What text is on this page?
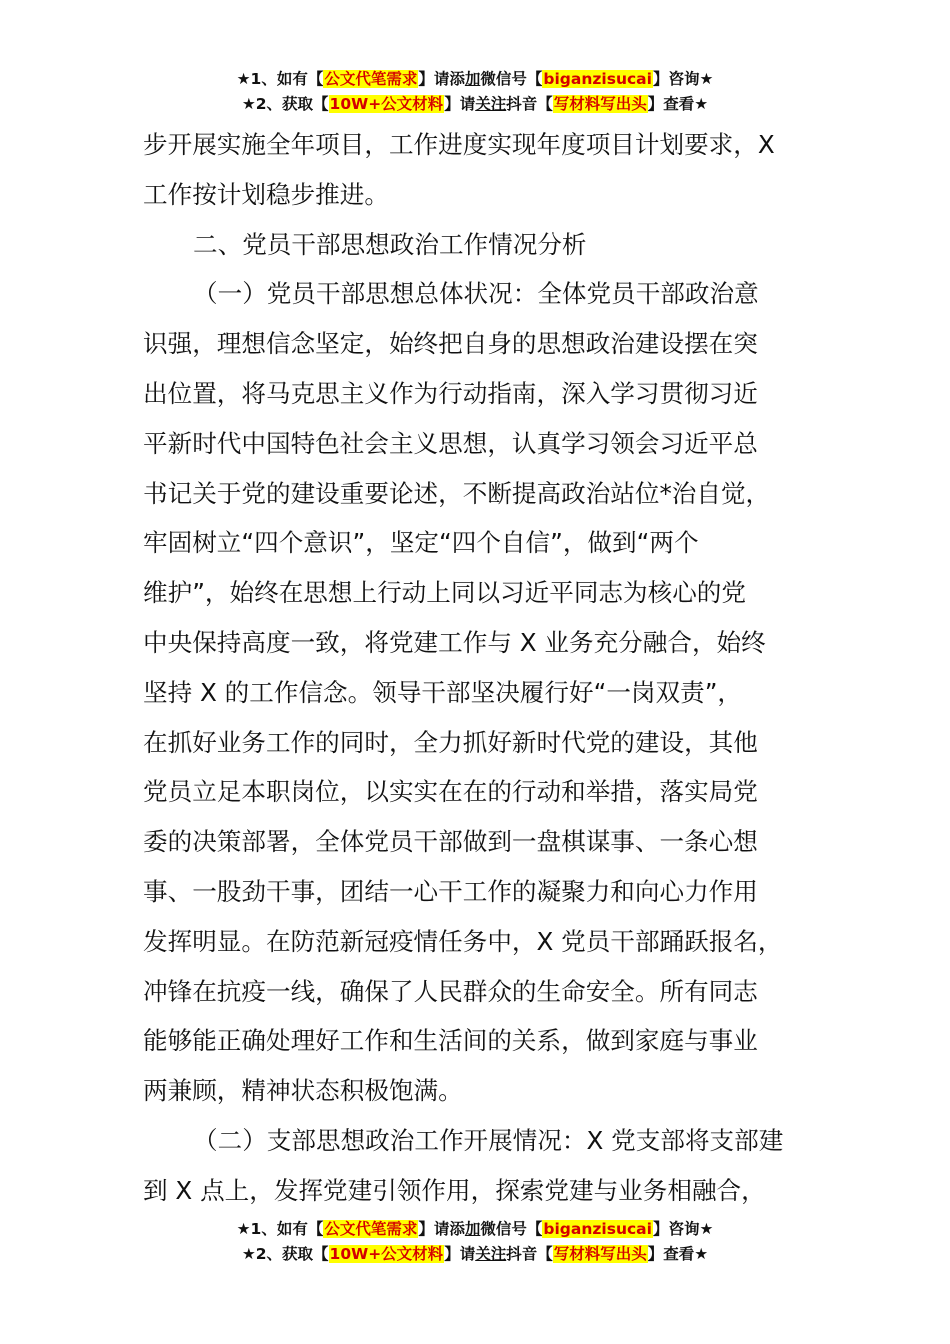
★1、如有【公文代笔需求】请添加微信号【biganzisucai】咨询★
★2、获取【10W+公文材料】请关注抖音【写材料写出头】查看★
步开展实施全年项目，工作进度实现年度项目计划要求，X
工作按计划稳步推进。
二、党员干部思想政治工作情况分析
（一）党员干部思想总体状况：全体党员干部政治意
识强，理想信念坚定，始终把自身的思想政治建设摆在突
出位置，将马克思主义作为行动指南，深入学习贯彻习近
平新时代中国特色社会主义思想，认真学习领会习近平总
书记关于党的建设重要论述，不断提高政治站位*治自觉，
牢固树立“四个意识”，坚定“四个自信”，做到“两个
维护”，始终在思想上行动上同以习近平同志为核心的党
中央保持高度一致，将党建工作与 X 业务充分融合，始终
坚持 X 的工作信念。领导干部坚决履行好“一岗双责”，
在抓好业务工作的同时，全力抓好新时代党的建设，其他
党员立足本职岗位，以实实在在的行动和举措，落实局党
委的决策部署，全体党员干部做到一盘棋谋事、一条心想
事、一股劲干事，团结一心干工作的凝聚力和向心力作用
发挥明显。在防范新冠疫情任务中，X 党员干部踊跃报名，
冲锋在抗疫一线，确保了人民群众的生命安全。所有同志
能够能正确处理好工作和生活间的关系，做到家庭与事业
两兼顾，精神状态积极饱满。
（二）支部思想政治工作开展情况：X 党支部将支部建
到 X 点上，发挥党建引领作用，探索党建与业务相融合，
★1、如有【公文代笔需求】请添加微信号【biganzisucai】咨询★
★2、获取【10W+公文材料】请关注抖音【写材料写出头】查看★
